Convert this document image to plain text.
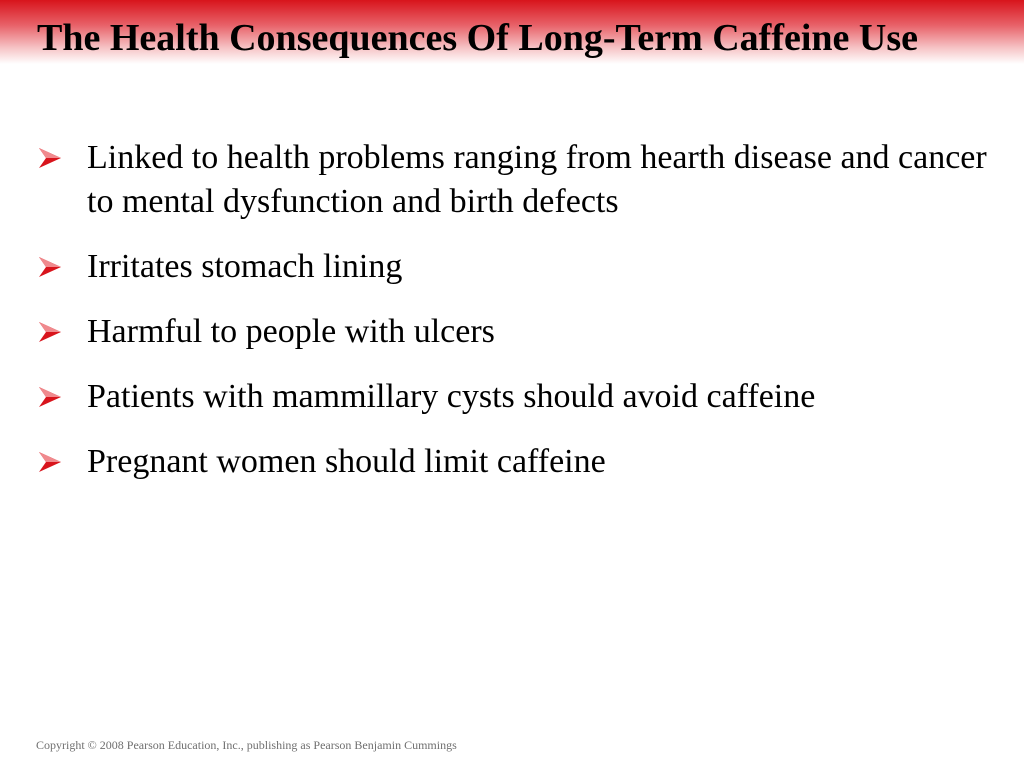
The Health Consequences Of Long-Term Caffeine Use
Linked to health problems ranging from hearth disease and cancer to mental dysfunction and birth defects
Irritates stomach lining
Harmful to people with ulcers
Patients with mammillary cysts should avoid caffeine
Pregnant women should limit caffeine
Copyright © 2008 Pearson Education, Inc., publishing as Pearson Benjamin Cummings
